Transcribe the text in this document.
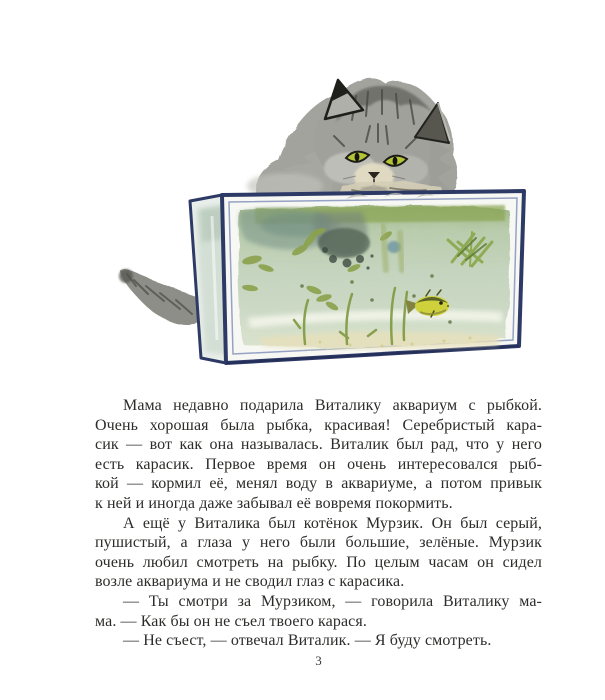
Мама недавно подарила Виталику аквариум с рыбкой.
Очень хорошая была рыбка, красивая! Серебристый кара-
сик — вот как она называлась. Виталик был рад, что у него
есть карасик. Первое время он очень интересовался рыб-
кой — кормил её, менял воду в аквариуме, а потом привык
к ней и иногда даже забывал её вовремя покормить.
А ещё у Виталика был котёнок Мурзик. Он был серый,
пушистый, а глаза у него были большие, зелёные. Мурзик
очень любил смотреть на рыбку. По целым часам он сидел
возле аквариума и не сводил глаз с карасика.
— Ты смотри за Мурзиком, — говорила Виталику ма-
ма. — Как бы он не съел твоего карася.
— Не съест, — отвечал Виталик. — Я буду смотреть.
3
